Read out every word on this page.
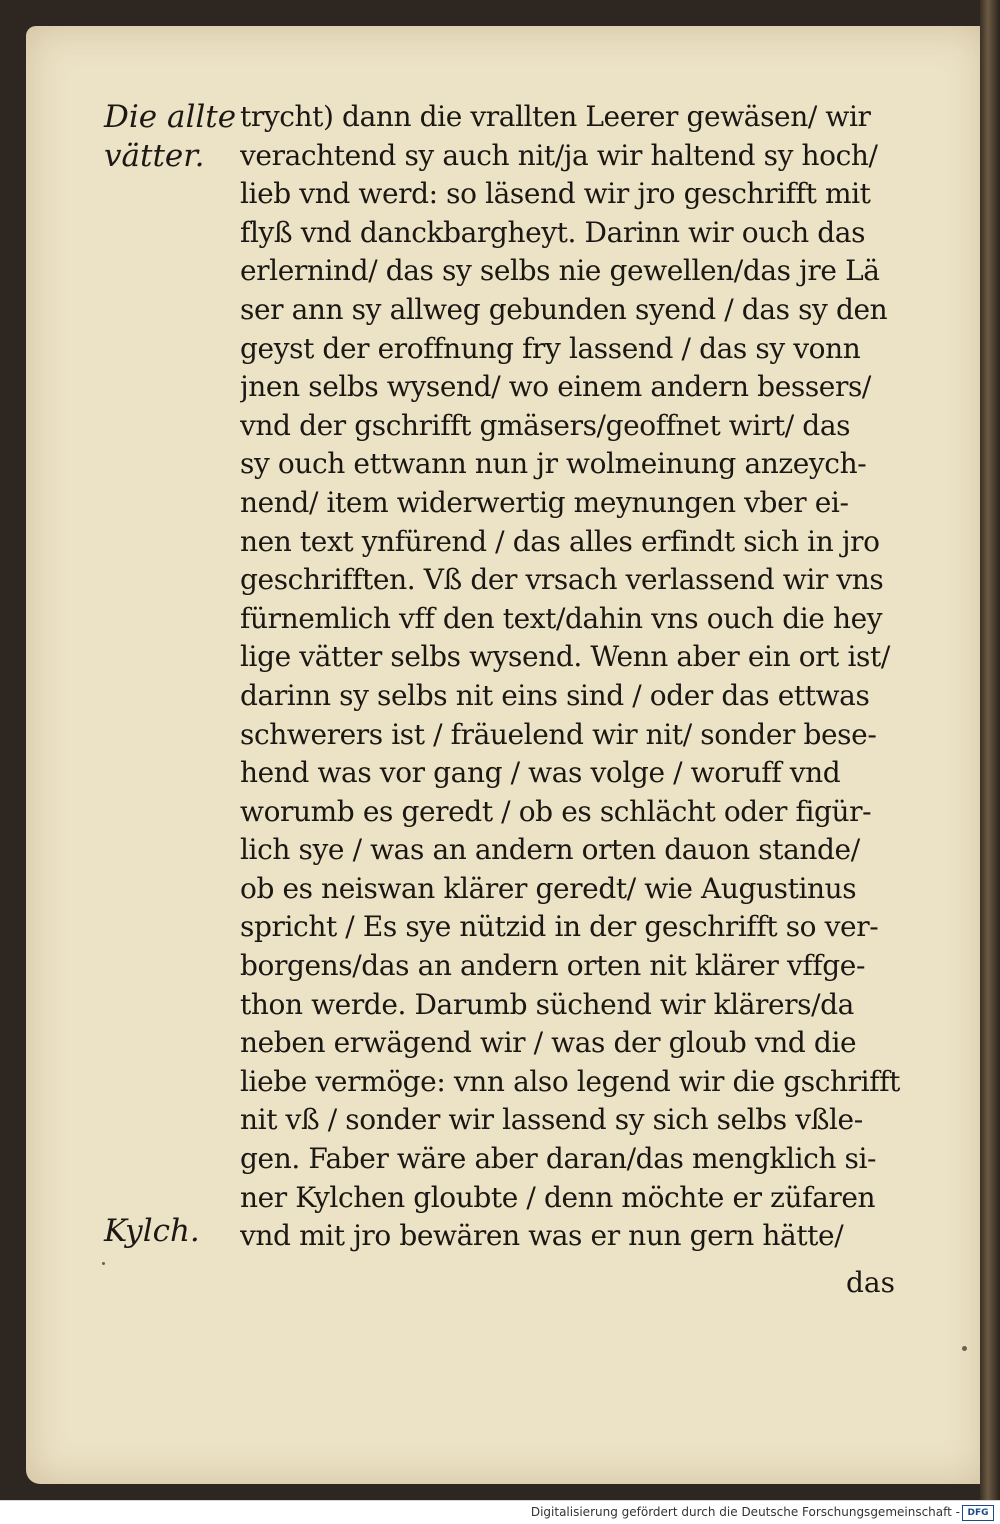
Die allte
vätter.
Kylch.
trycht) dann die vrallten Leerer gewäsen/ wir
verachtend sy auch nit/ja wir haltend sy hoch/
lieb vnd werd: so läsend wir jro geschrifft mit
flyß vnd danckbargheyt. Darinn wir ouch das
erlernind/ das sy selbs nie gewellen/das jre Lä
ser ann sy allweg gebunden syend / das sy den
geyst der eroffnung fry lassend / das sy vonn
jnen selbs wysend/ wo einem andern bessers/
vnd der gschrifft gmäsers/geoffnet wirt/ das
sy ouch ettwann nun jr wolmeinung anzeych-
nend/ item widerwertig meynungen vber ei-
nen text ynfürend / das alles erfindt sich in jro
geschrifften. Vß der vrsach verlassend wir vns
fürnemlich vff den text/dahin vns ouch die hey
lige vätter selbs wysend. Wenn aber ein ort ist/
darinn sy selbs nit eins sind / oder das ettwas
schwerers ist / fräuelend wir nit/ sonder bese-
hend was vor gang / was volge / woruff vnd
worumb es geredt / ob es schlächt oder figür-
lich sye / was an andern orten dauon stande/
ob es neiswan klärer geredt/ wie Augustinus
spricht / Es sye nützid in der geschrifft so ver-
borgens/das an andern orten nit klärer vffge-
thon werde. Darumb süchend wir klärers/da
neben erwägend wir / was der gloub vnd die
liebe vermöge: vnn also legend wir die gschrifft
nit vß / sonder wir lassend sy sich selbs vßle-
gen. Faber wäre aber daran/das mengklich si-
ner Kylchen gloubte / denn möchte er züfaren
vnd mit jro bewären was er nun gern hätte/
das
Digitalisierung gefördert durch die Deutsche Forschungsgemeinschaft - DFG
